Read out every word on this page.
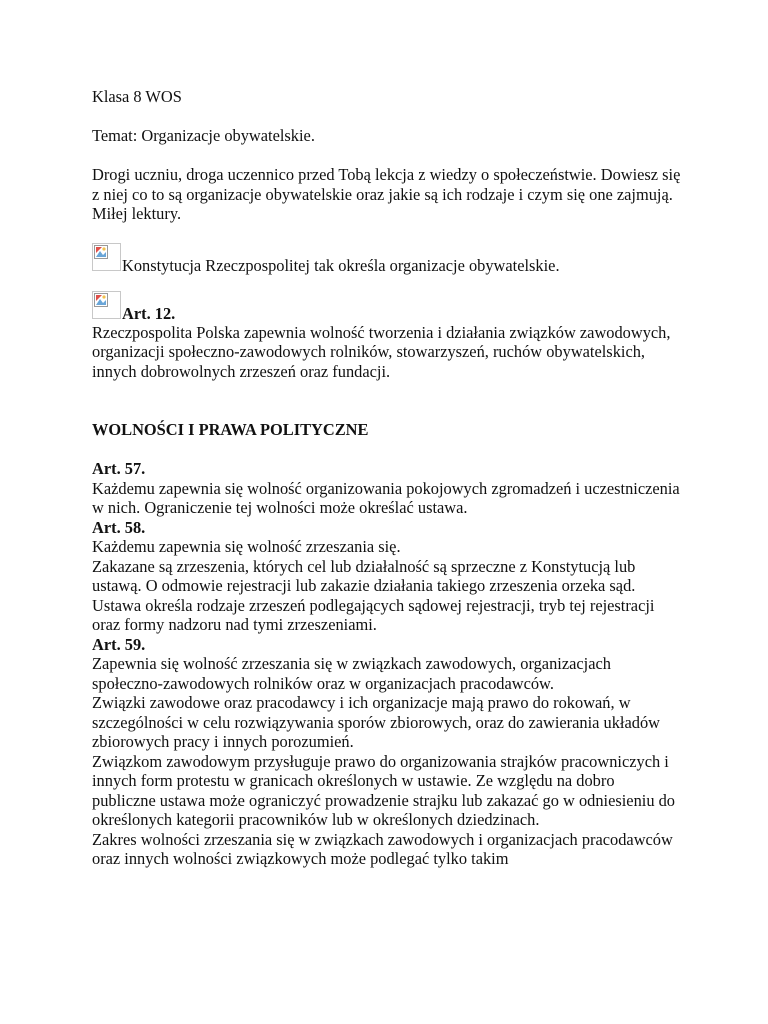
Klasa 8 WOS

Temat: Organizacje obywatelskie.

Drogi uczniu, droga uczennico przed Tobą lekcja z wiedzy o społeczeństwie. Dowiesz się z niej co to są organizacje obywatelskie oraz jakie są ich rodzaje i czym się one zajmują. Miłej lektury.

Konstytucja Rzeczpospolitej tak określa organizacje obywatelskie.
Art. 12.

Rzeczpospolita Polska zapewnia wolność tworzenia i działania związków zawodowych, organizacji społeczno-zawodowych rolników, stowarzyszeń, ruchów obywatelskich, innych dobrowolnych zrzeszeń oraz fundacji.

WOLNOŚCI I PRAWA POLITYCZNE

Art. 57.

Każdemu zapewnia się wolność organizowania pokojowych zgromadzeń i uczestniczenia w nich. Ograniczenie tej wolności może określać ustawa.

Art. 58.

Każdemu zapewnia się wolność zrzeszania się.

Zakazane są zrzeszenia, których cel lub działalność są sprzeczne z Konstytucją lub ustawą. O odmowie rejestracji lub zakazie działania takiego zrzeszenia orzeka sąd.

Ustawa określa rodzaje zrzeszeń podlegających sądowej rejestracji, tryb tej rejestracji oraz formy nadzoru nad tymi zrzeszeniami.

Art. 59.

Zapewnia się wolność zrzeszania się w związkach zawodowych, organizacjach społeczno-zawodowych rolników oraz w organizacjach pracodawców.

Związki zawodowe oraz pracodawcy i ich organizacje mają prawo do rokowań, w szczególności w celu rozwiązywania sporów zbiorowych, oraz do zawierania układów zbiorowych pracy i innych porozumień.

Związkom zawodowym przysługuje prawo do organizowania strajków pracowniczych i innych form protestu w granicach określonych w ustawie. Ze względu na dobro publiczne ustawa może ograniczyć prowadzenie strajku lub zakazać go w odniesieniu do określonych kategorii pracowników lub w określonych dziedzinach.

Zakres wolności zrzeszania się w związkach zawodowych i organizacjach pracodawców oraz innych wolności związkowych może podlegać tylko takim
